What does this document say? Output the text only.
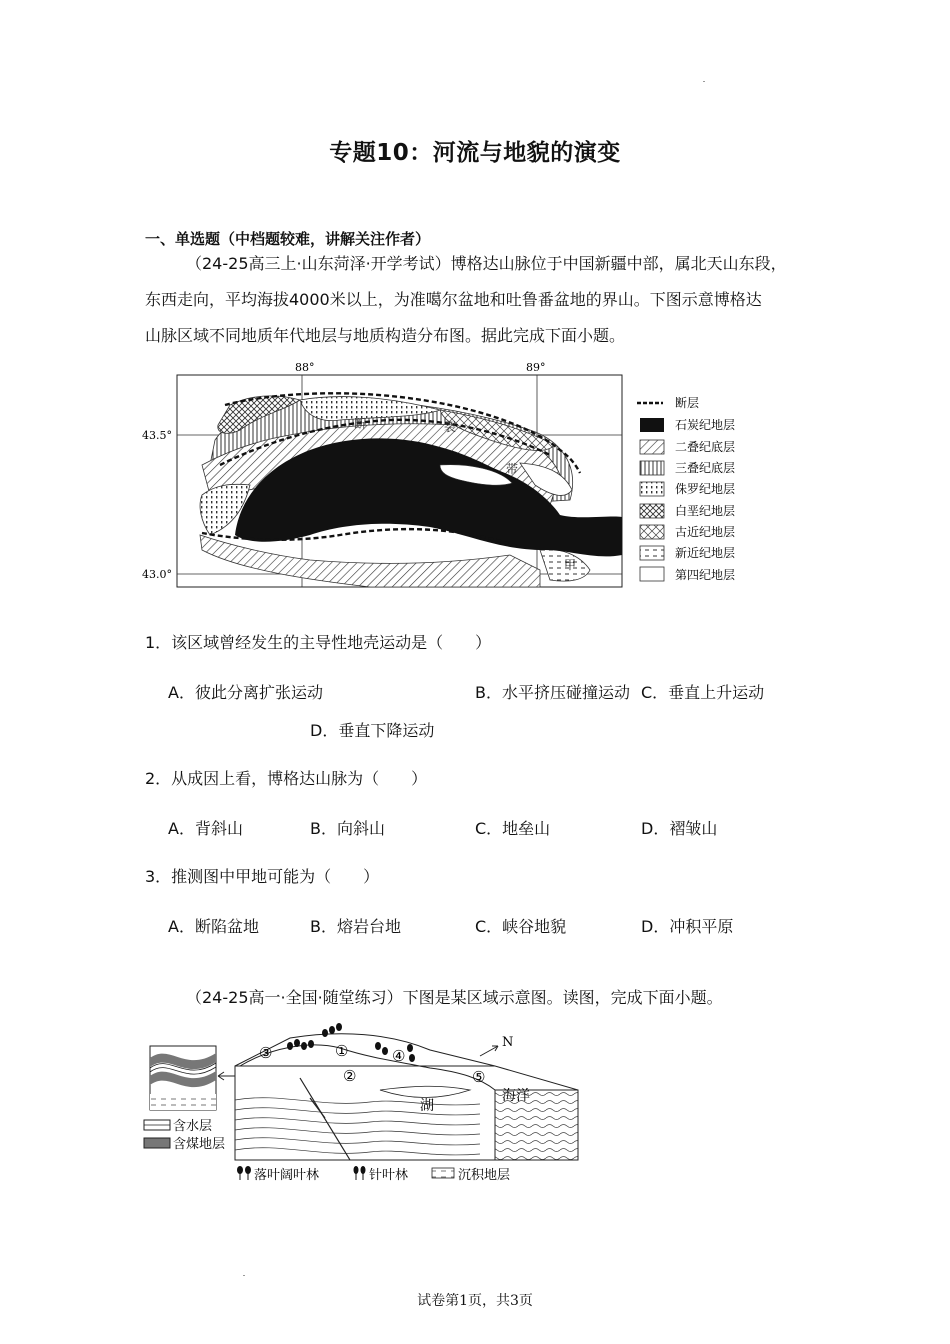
专题10：河流与地貌的演变
一、单选题（中档题较难，讲解关注作者）
（24-25高三上·山东菏泽·开学考试）博格达山脉位于中国新疆中部，属北天山东段，
东西走向，平均海拔4000米以上，为准噶尔盆地和吐鲁番盆地的界山。下图示意博格达
山脉区域不同地质年代地层与地质构造分布图。据此完成下面小题。
88°	89°
43.5°
43.0°
断	裂
带
甲
断层
石炭纪地层
二叠纪底层
三叠纪底层
侏罗纪地层
白垩纪地层
古近纪地层
新近纪地层
第四纪地层
1．该区域曾经发生的主导性地壳运动是（　　）
A．彼此分离扩张运动	B．水平挤压碰撞运动 C．垂直上升运动
D．垂直下降运动
2．从成因上看，博格达山脉为（　　）
A．背斜山	B．向斜山	C．地垒山	D．褶皱山
3．推测图中甲地可能为（　　）
A．断陷盆地	B．熔岩台地	C．峡谷地貌	D．冲积平原
（24-25高一·全国·随堂练习）下图是某区域示意图。读图，完成下面小题。
含水层
含煤地层
湖
海洋
①
②
③	④
⑤
N
落叶阔叶林	针叶林	沉积地层
试卷第1页，共3页
